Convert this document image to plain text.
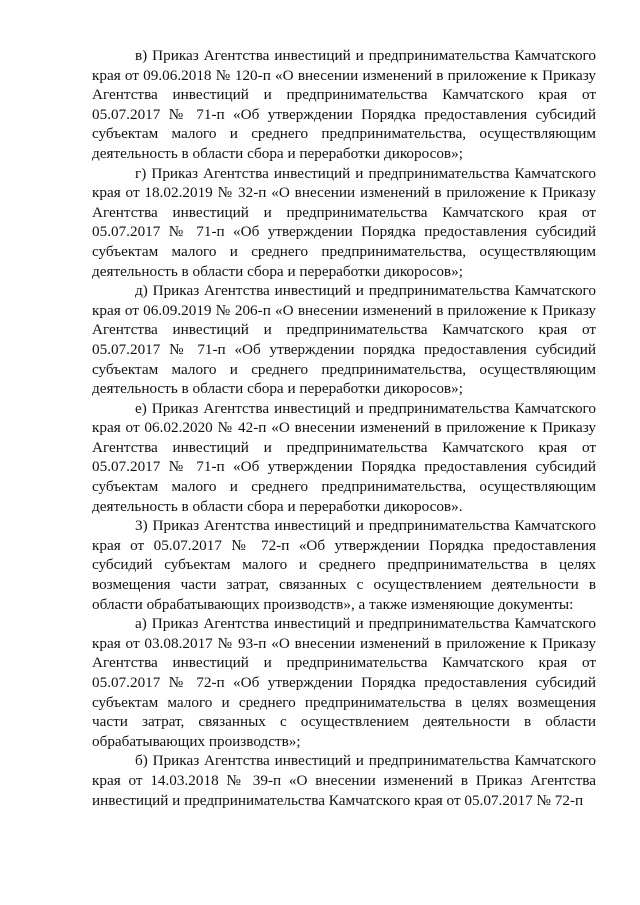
в) Приказ Агентства инвестиций и предпринимательства Камчатского края от 09.06.2018 № 120-п «О внесении изменений в приложение к Приказу Агентства инвестиций и предпринимательства Камчатского края от 05.07.2017 № 71-п «Об утверждении Порядка предоставления субсидий субъектам малого и среднего предпринимательства, осуществляющим деятельность в области сбора и переработки дикоросов»;

г) Приказ Агентства инвестиций и предпринимательства Камчатского края от 18.02.2019 № 32-п «О внесении изменений в приложение к Приказу Агентства инвестиций и предпринимательства Камчатского края от 05.07.2017 № 71-п «Об утверждении Порядка предоставления субсидий субъектам малого и среднего предпринимательства, осуществляющим деятельность в области сбора и переработки дикоросов»;

д) Приказ Агентства инвестиций и предпринимательства Камчатского края от 06.09.2019 № 206-п «О внесении изменений в приложение к Приказу Агентства инвестиций и предпринимательства Камчатского края от 05.07.2017 № 71-п «Об утверждении порядка предоставления субсидий субъектам малого и среднего предпринимательства, осуществляющим деятельность в области сбора и переработки дикоросов»;

е) Приказ Агентства инвестиций и предпринимательства Камчатского края от 06.02.2020 № 42-п «О внесении изменений в приложение к Приказу Агентства инвестиций и предпринимательства Камчатского края от 05.07.2017 № 71-п «Об утверждении Порядка предоставления субсидий субъектам малого и среднего предпринимательства, осуществляющим деятельность в области сбора и переработки дикоросов».

3) Приказ Агентства инвестиций и предпринимательства Камчатского края от 05.07.2017 № 72-п «Об утверждении Порядка предоставления субсидий субъектам малого и среднего предпринимательства в целях возмещения части затрат, связанных с осуществлением деятельности в области обрабатывающих производств», а также изменяющие документы:

а) Приказ Агентства инвестиций и предпринимательства Камчатского края от 03.08.2017 № 93-п «О внесении изменений в приложение к Приказу Агентства инвестиций и предпринимательства Камчатского края от 05.07.2017 № 72-п «Об утверждении Порядка предоставления субсидий субъектам малого и среднего предпринимательства в целях возмещения части затрат, связанных с осуществлением деятельности в области обрабатывающих производств»;

б) Приказ Агентства инвестиций и предпринимательства Камчатского края от 14.03.2018 № 39-п «О внесении изменений в Приказ Агентства инвестиций и предпринимательства Камчатского края от 05.07.2017 № 72-п
